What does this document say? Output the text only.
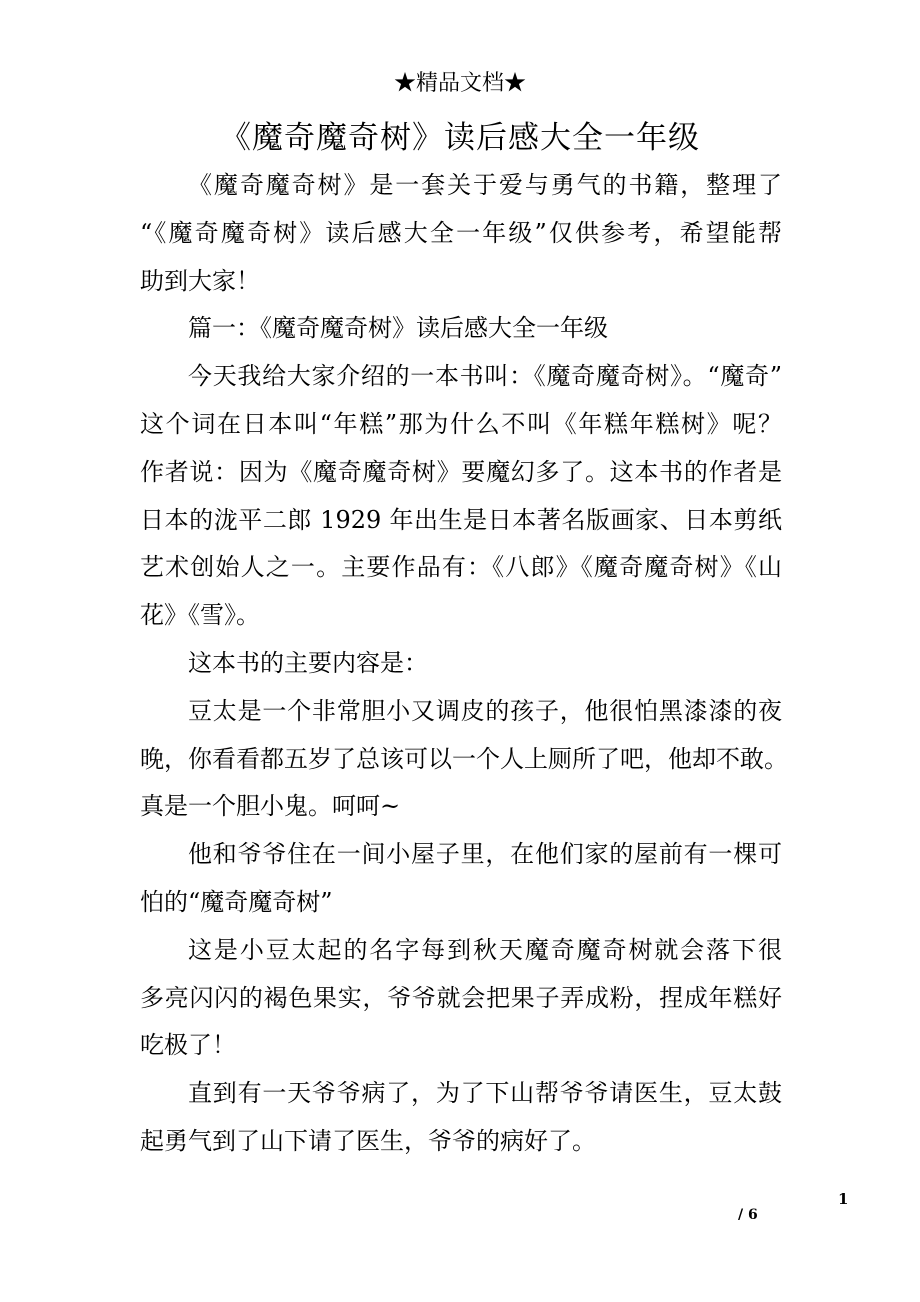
★精品文档★
《魔奇魔奇树》读后感大全一年级
《魔奇魔奇树》是一套关于爱与勇气的书籍，整理了
“《魔奇魔奇树》读后感大全一年级”仅供参考，希望能帮
助到大家！
篇一：《魔奇魔奇树》读后感大全一年级
今天我给大家介绍的一本书叫：《魔奇魔奇树》。“魔奇”
这个词在日本叫“年糕”那为什么不叫《年糕年糕树》呢？
作者说：因为《魔奇魔奇树》要魔幻多了。这本书的作者是
日本的泷平二郎 1929 年出生是日本著名版画家、日本剪纸
艺术创始人之一。主要作品有：《八郎》《魔奇魔奇树》《山
花》《雪》。
这本书的主要内容是：
豆太是一个非常胆小又调皮的孩子，他很怕黑漆漆的夜
晚，你看看都五岁了总该可以一个人上厕所了吧，他却不敢。
真是一个胆小鬼。呵呵~
他和爷爷住在一间小屋子里，在他们家的屋前有一棵可
怕的“魔奇魔奇树”
这是小豆太起的名字每到秋天魔奇魔奇树就会落下很
多亮闪闪的褐色果实，爷爷就会把果子弄成粉，捏成年糕好
吃极了！
直到有一天爷爷病了，为了下山帮爷爷请医生，豆太鼓
起勇气到了山下请了医生，爷爷的病好了。
1
/ 6
